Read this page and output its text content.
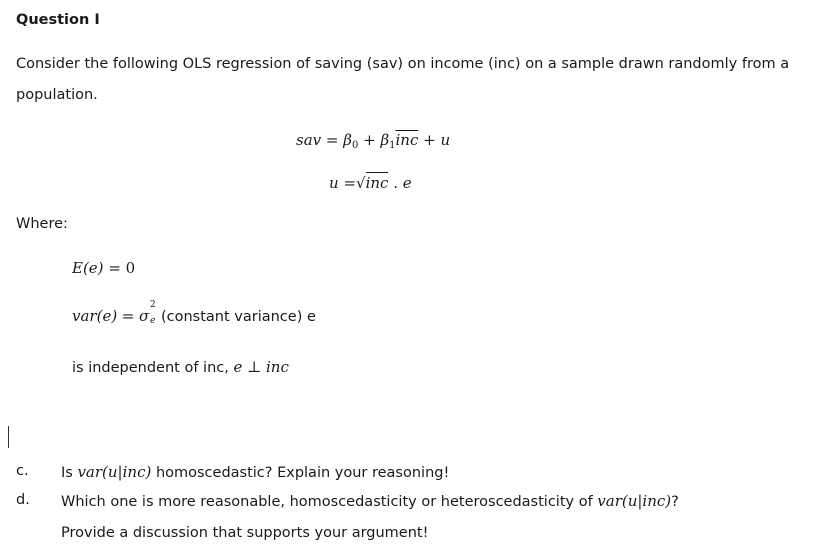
Question I
Consider the following OLS regression of saving (sav) on income (inc) on a sample drawn randomly from a
population.
sav = $\beta_0 + \beta_1\overline{inc} + u$
u =√inc . e
Where:
E(e) = 0
var(e) = σ
2
e (constant variance) e
is independent of inc, e ⊥ inc
c. Is var(u|inc) homoscedastic? Explain your reasoning!
d. Which one is more reasonable, homoscedasticity or heteroscedasticity of var(u|inc)?
Provide a discussion that supports your argument!
